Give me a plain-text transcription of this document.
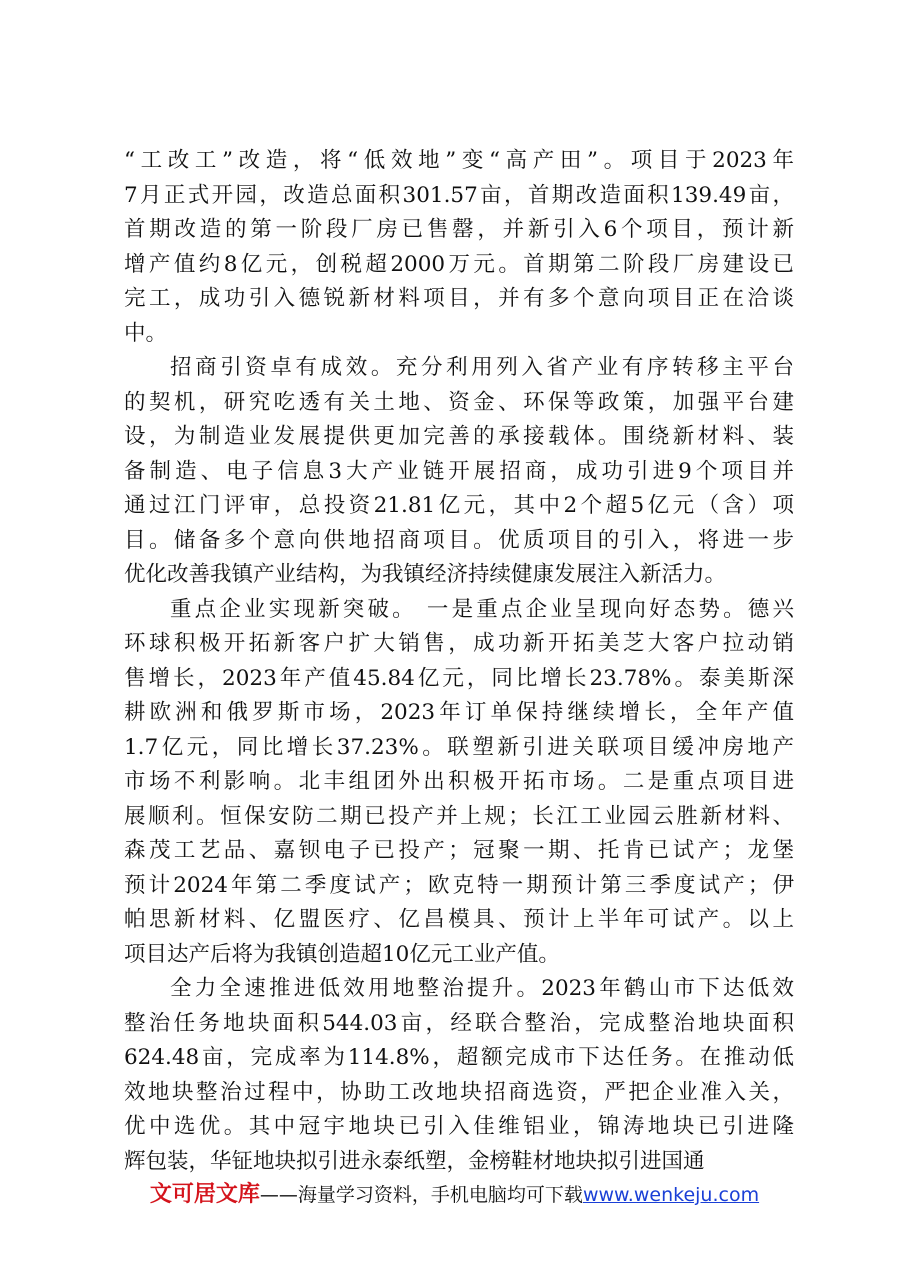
“工改工”改造，将“低效地”变“高产田”。项目于2023年
7月正式开园，改造总面积301.57亩，首期改造面积139.49亩，
首期改造的第一阶段厂房已售罄，并新引入6个项目，预计新
增产值约8亿元，创税超2000万元。首期第二阶段厂房建设已
完工，成功引入德锐新材料项目，并有多个意向项目正在洽谈
中。
招商引资卓有成效。充分利用列入省产业有序转移主平台
的契机，研究吃透有关土地、资金、环保等政策，加强平台建
设，为制造业发展提供更加完善的承接载体。围绕新材料、装
备制造、电子信息3大产业链开展招商，成功引进9个项目并
通过江门评审，总投资21.81亿元，其中2个超5亿元（含）项
目。储备多个意向供地招商项目。优质项目的引入，将进一步
优化改善我镇产业结构，为我镇经济持续健康发展注入新活力。
重点企业实现新突破。 一是重点企业呈现向好态势。德兴
环球积极开拓新客户扩大销售，成功新开拓美芝大客户拉动销
售增长，2023年产值45.84亿元，同比增长23.78%。泰美斯深
耕欧洲和俄罗斯市场，2023年订单保持继续增长，全年产值
1.7亿元，同比增长37.23%。联塑新引进关联项目缓冲房地产
市场不利影响。北丰组团外出积极开拓市场。二是重点项目进
展顺利。恒保安防二期已投产并上规；长江工业园云胜新材料、
森茂工艺品、嘉钡电子已投产；冠聚一期、托肯已试产；龙堡
预计2024年第二季度试产；欧克特一期预计第三季度试产；伊
帕思新材料、亿盟医疗、亿昌模具、预计上半年可试产。以上
项目达产后将为我镇创造超10亿元工业产值。
全力全速推进低效用地整治提升。2023年鹤山市下达低效
整治任务地块面积544.03亩，经联合整治，完成整治地块面积
624.48亩，完成率为114.8%，超额完成市下达任务。在推动低
效地块整治过程中，协助工改地块招商选资，严把企业准入关，
优中选优。其中冠宇地块已引入佳维铝业，锦涛地块已引进隆
辉包装，华钲地块拟引进永泰纸塑，金榜鞋材地块拟引进国通
文可居文库——海量学习资料，手机电脑均可下载www.wenkeju.com
